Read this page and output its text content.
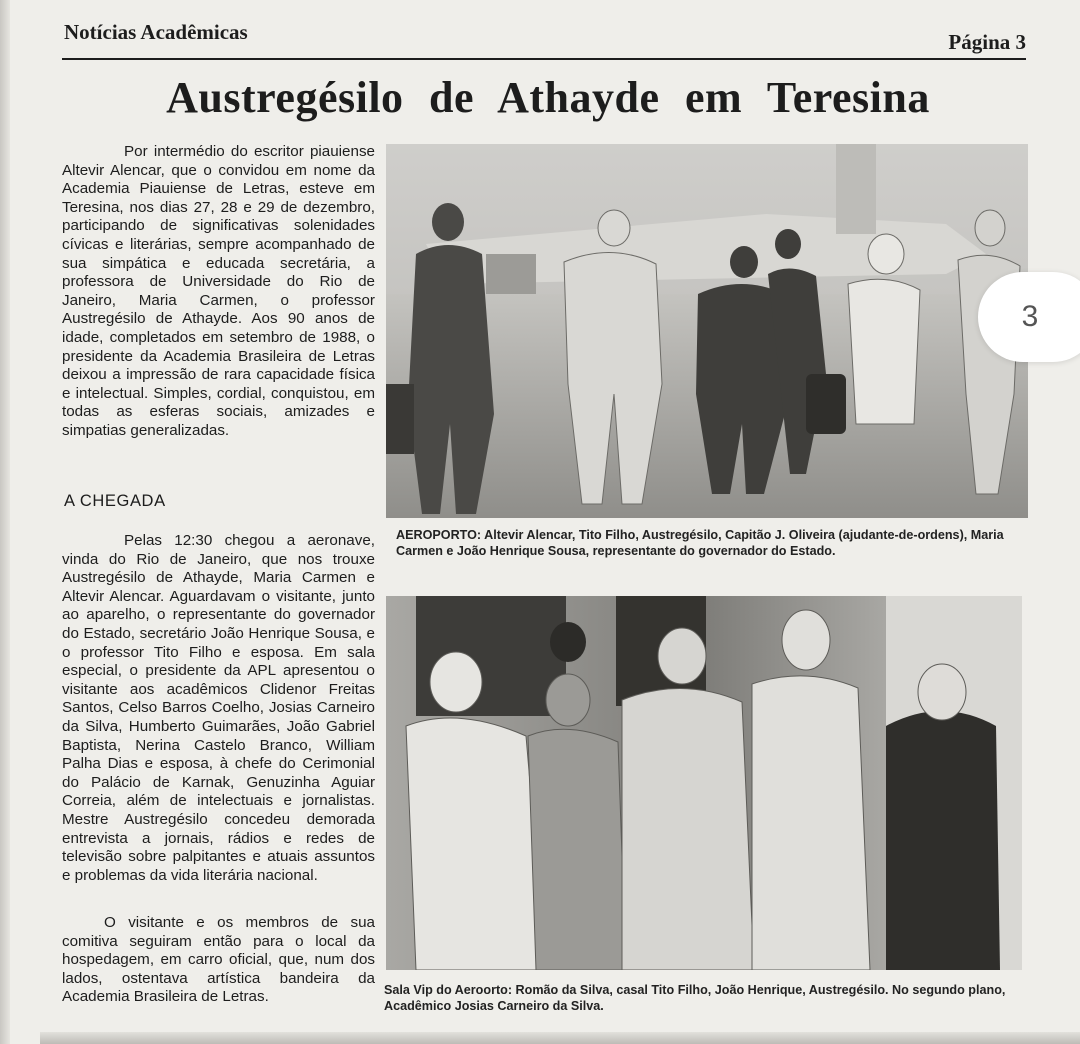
Notícias Acadêmicas	Página 3
Austregésilo de Athayde em Teresina
Por intermédio do escritor piauiense Altevir Alencar, que o convidou em nome da Academia Piauiense de Letras, esteve em Teresina, nos dias 27, 28 e 29 de dezembro, participando de significativas solenidades cívicas e literárias, sempre acompanhado de sua simpática e educada secretária, a professora de Universidade do Rio de Janeiro, Maria Carmen, o professor Austregésilo de Athayde. Aos 90 anos de idade, completados em setembro de 1988, o presidente da Academia Brasileira de Letras deixou a impressão de rara capacidade física e intelectual. Simples, cordial, conquistou, em todas as esferas sociais, amizades e simpatias generalizadas.
A CHEGADA
Pelas 12:30 chegou a aeronave, vinda do Rio de Janeiro, que nos trouxe Austregésilo de Athayde, Maria Carmen e Altevir Alencar. Aguardavam o visitante, junto ao aparelho, o representante do governador do Estado, secretário João Henrique Sousa, e o professor Tito Filho e esposa. Em sala especial, o presidente da APL apresentou o visitante aos acadêmicos Clidenor Freitas Santos, Celso Barros Coelho, Josias Carneiro da Silva, Humberto Guimarães, João Gabriel Baptista, Nerina Castelo Branco, William Palha Dias e esposa, à chefe do Cerimonial do Palácio de Karnak, Genuzinha Aguiar Correia, além de intelectuais e jornalistas. Mestre Austregésilo concedeu demorada entrevista a jornais, rádios e redes de televisão sobre palpitantes e atuais assuntos e problemas da vida literária nacional.
O visitante e os membros de sua comitiva seguiram então para o local da hospedagem, em carro oficial, que, num dos lados, ostentava artística bandeira da Academia Brasileira de Letras.
AEROPORTO: Altevir Alencar, Tito Filho, Austregésilo, Capitão J. Oliveira (ajudante-de-ordens), Maria Carmen e João Henrique Sousa, representante do governador do Estado.
Sala Vip do Aeroorto: Romão da Silva, casal Tito Filho, João Henrique, Austregésilo. No segundo plano, Acadêmico Josias Carneiro da Silva.
3
